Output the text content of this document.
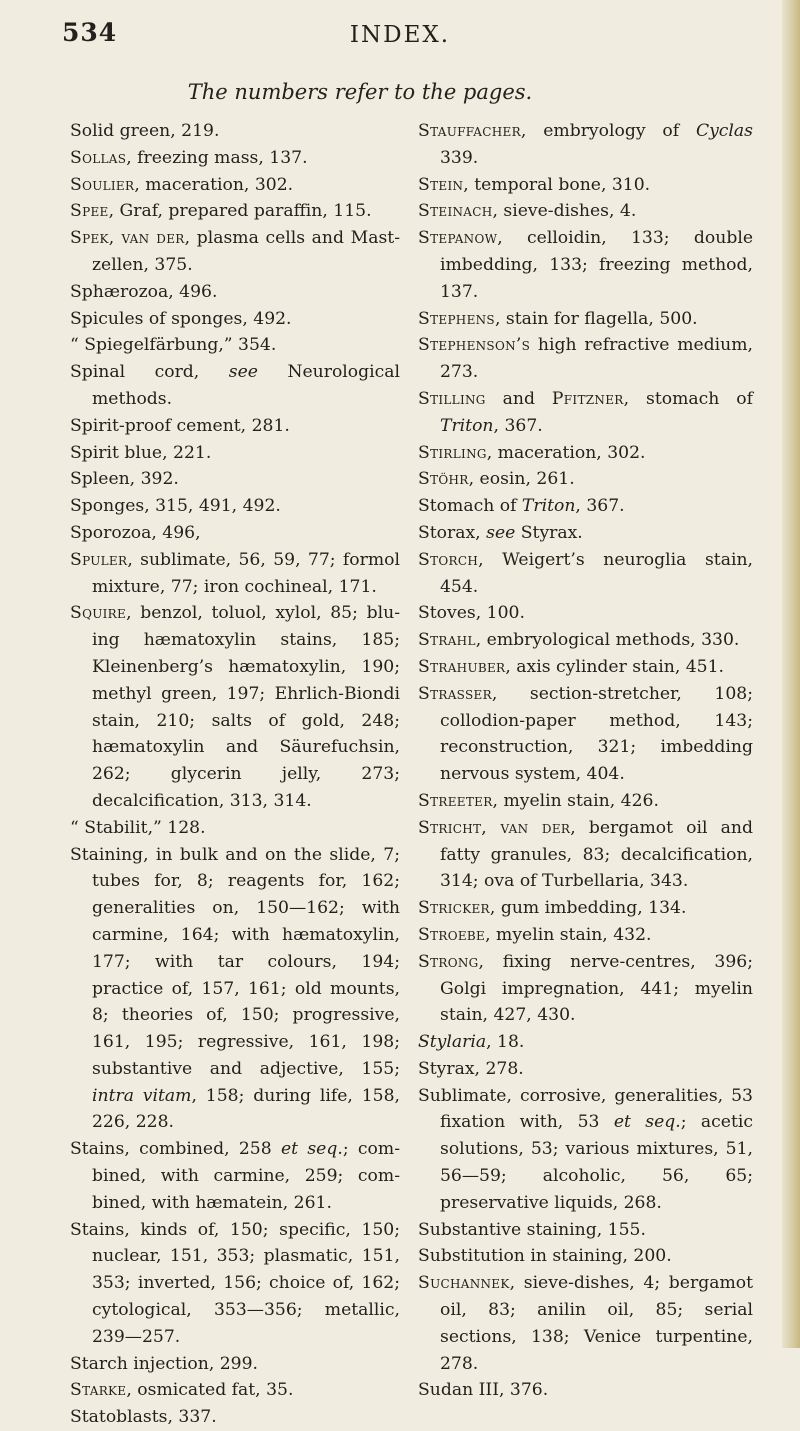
534	INDEX.
The numbers refer to the pages.
Solid green, 219.
Sollas, freezing mass, 137.
Soulier, maceration, 302.
Spee, Graf, prepared paraffin, 115.
Spek, van der, plasma cells and Mastzellen, 375.
Sphærozoa, 496.
Spicules of sponges, 492.
“ Spiegelfärbung,” 354.
Spinal cord, see Neurological methods.
Spirit-proof cement, 281.
Spirit blue, 221.
Spleen, 392.
Sponges, 315, 491, 492.
Sporozoa, 496,
Spuler, sublimate, 56, 59, 77; formol mixture, 77; iron cochineal, 171.
Squire, benzol, toluol, xylol, 85; bluing hæmatoxylin stains, 185; Kleinenberg’s hæmatoxylin, 190; methyl green, 197; Ehrlich-Biondi stain, 210; salts of gold, 248; hæmatoxylin and Säurefuchsin, 262; glycerin jelly, 273; decalcification, 313, 314.
“ Stabilit,” 128.
Staining, in bulk and on the slide, 7; tubes for, 8; reagents for, 162; generalities on, 150—162; with carmine, 164; with hæmatoxylin, 177; with tar colours, 194; practice of, 157, 161; old mounts, 8; theories of, 150; progressive, 161, 195; regressive, 161, 198; substantive and adjective, 155; intra vitam, 158; during life, 158, 226, 228.
Stains, combined, 258 et seq.; combined, with carmine, 259; combined, with hæmatein, 261.
Stains, kinds of, 150; specific, 150; nuclear, 151, 353; plasmatic, 151, 353; inverted, 156; choice of, 162; cytological, 353—356; metallic, 239—257.
Starch injection, 299.
Starke, osmicated fat, 35.
Statoblasts, 337.
Stauffacher, embryology of Cyclas 339.
Stein, temporal bone, 310.
Steinach, sieve-dishes, 4.
Stepanow, celloidin, 133; double imbedding, 133; freezing method, 137.
Stephens, stain for flagella, 500.
Stephenson’s high refractive medium, 273.
Stilling and Pfitzner, stomach of Triton, 367.
Stirling, maceration, 302.
Stöhr, eosin, 261.
Stomach of Triton, 367.
Storax, see Styrax.
Storch, Weigert’s neuroglia stain, 454.
Stoves, 100.
Strahl, embryological methods, 330.
Strahuber, axis cylinder stain, 451.
Strasser, section-stretcher, 108; collodion-paper method, 143; reconstruction, 321; imbedding nervous system, 404.
Streeter, myelin stain, 426.
Stricht, van der, bergamot oil and fatty granules, 83; decalcification, 314; ova of Turbellaria, 343.
Stricker, gum imbedding, 134.
Stroebe, myelin stain, 432.
Strong, fixing nerve-centres, 396; Golgi impregnation, 441; myelin stain, 427, 430.
Stylaria, 18.
Styrax, 278.
Sublimate, corrosive, generalities, 53 fixation with, 53 et seq.; acetic solutions, 53; various mixtures, 51, 56—59; alcoholic, 56, 65; preservative liquids, 268.
Substantive staining, 155.
Substitution in staining, 200.
Suchannek, sieve-dishes, 4; bergamot oil, 83; anilin oil, 85; serial sections, 138; Venice turpentine, 278.
Sudan III, 376.
